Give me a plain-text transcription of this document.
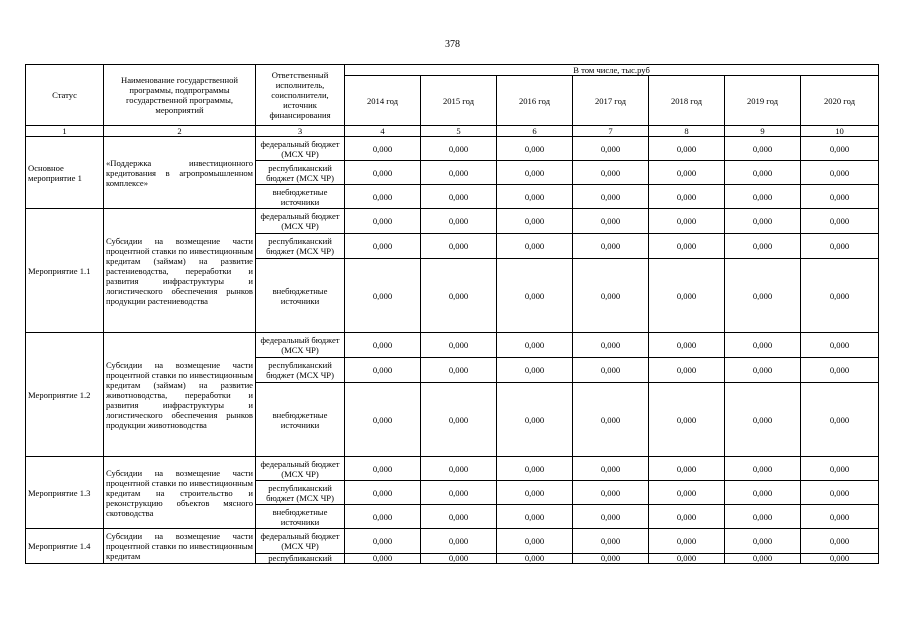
378
Статус	Наименование государственной программы, подпрограммы государственной программы, мероприятий	Ответственный исполнитель, соисполнители, источник финансирования	В том числе, тыс.руб						
			2014 год	2015 год	2016 год	2017 год	2018 год	2019 год	2020 год
1	2	3	4	5	6	7	8	9	10
Основное мероприятие 1	«Поддержка инвестиционного кредитования в агропромышленном комплексе»	федеральный бюджет (МСХ ЧР)	0,000	0,000	0,000	0,000	0,000	0,000	0,000
		республиканский бюджет (МСХ ЧР)	0,000	0,000	0,000	0,000	0,000	0,000	0,000
		внебюджетные источники	0,000	0,000	0,000	0,000	0,000	0,000	0,000
Мероприятие 1.1	Субсидии на возмещение части процентной ставки по инвестиционным кредитам (займам) на развитие растениеводства, переработки и развития инфраструктуры и логистического обеспечения рынков продукции растениеводства	федеральный бюджет (МСХ ЧР)	0,000	0,000	0,000	0,000	0,000	0,000	0,000
		республиканский бюджет (МСХ ЧР)	0,000	0,000	0,000	0,000	0,000	0,000	0,000
		внебюджетные источники	0,000	0,000	0,000	0,000	0,000	0,000	0,000
Мероприятие 1.2	Субсидии на возмещение части процентной ставки по инвестиционным кредитам (займам) на развитие животноводства, переработки и развития инфраструктуры и логистического обеспечения рынков продукции животноводства	федеральный бюджет (МСХ ЧР)	0,000	0,000	0,000	0,000	0,000	0,000	0,000
		республиканский бюджет (МСХ ЧР)	0,000	0,000	0,000	0,000	0,000	0,000	0,000
		внебюджетные источники	0,000	0,000	0,000	0,000	0,000	0,000	0,000
Мероприятие 1.3	Субсидии на возмещение части процентной ставки по инвестиционным кредитам на строительство и реконструкцию объектов мясного скотоводства	федеральный бюджет (МСХ ЧР)	0,000	0,000	0,000	0,000	0,000	0,000	0,000
		республиканский бюджет (МСХ ЧР)	0,000	0,000	0,000	0,000	0,000	0,000	0,000
		внебюджетные источники	0,000	0,000	0,000	0,000	0,000	0,000	0,000
Мероприятие 1.4	Субсидии на возмещение части процентной ставки по инвестиционным кредитам	федеральный бюджет (МСХ ЧР)	0,000	0,000	0,000	0,000	0,000	0,000	0,000
		республиканский	0,000	0,000	0,000	0,000	0,000	0,000	0,000
